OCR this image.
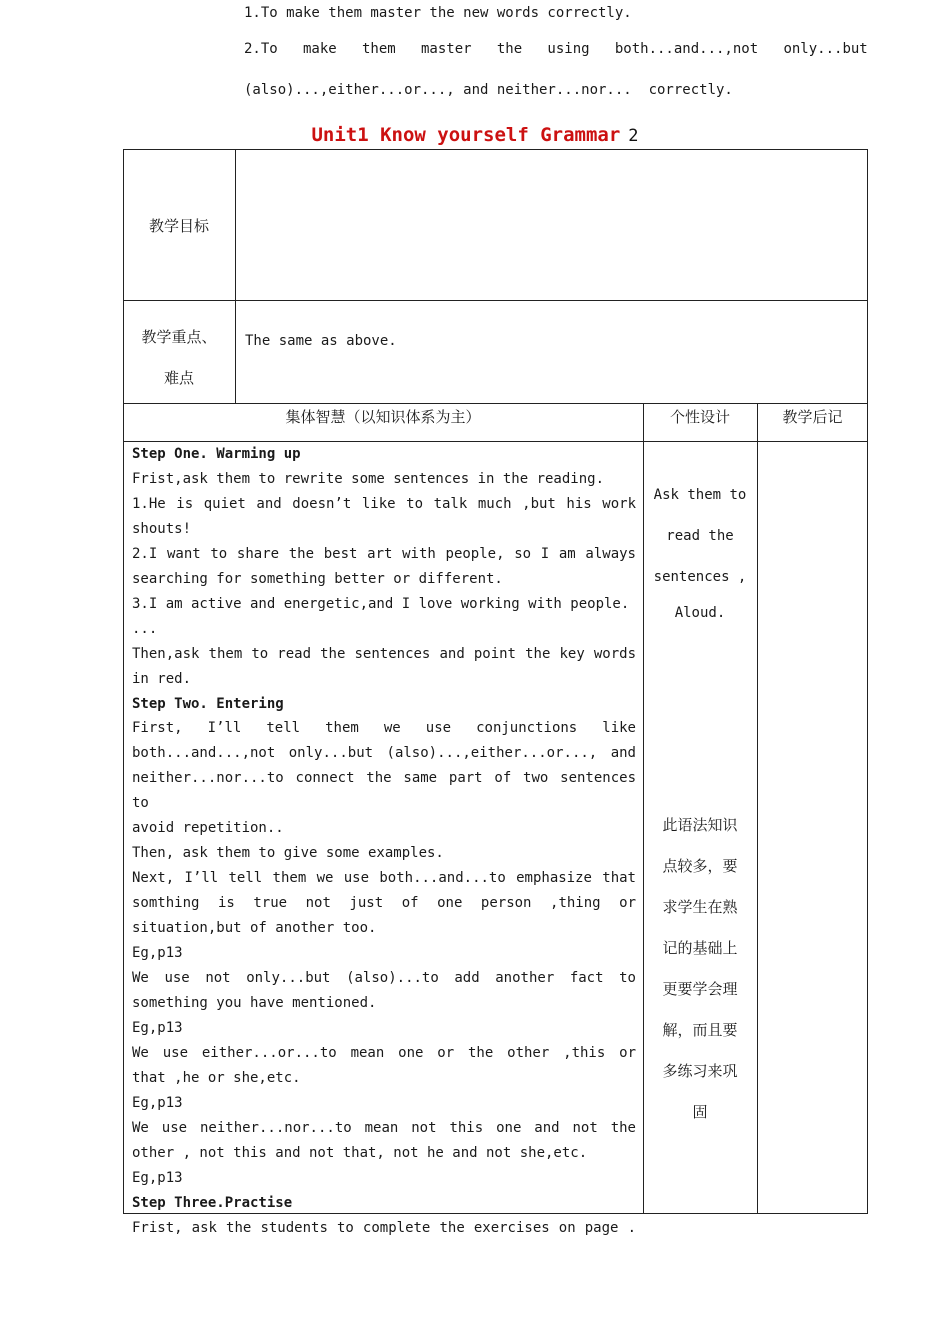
Unit1 Know yourself Grammar 2
教学目标

1.To make them master the new words correctly.

2.To   make   them   master   the   using   both...and...,not   only...but

(also)...,either...or..., and neither...nor...  correctly.

教学重点、
难点
The same as above.
集体智慧（以知识体系为主）	个性设计	教学后记

Step One. Warming up

Frist,ask them to rewrite some sentences in the reading.

1.He is quiet and doesn’t like to talk much ,but his work

shouts!

2.I want to share the best art with people, so I am always

searching for something better or different.

3.I am active and energetic,and I love working with people.

...

Then,ask them to read the sentences and point the key words

in red.

Step Two. Entering

First, I’ll tell them we use conjunctions like

both...and...,not only...but (also)...,either...or..., and

neither...nor...to connect the same part of two sentences to

avoid repetition..

Then, ask them to give some examples.

Next, I’ll tell them we use both...and...to emphasize that

somthing is true not just of one person ,thing or

situation,but of another too.

Eg,p13

We use not only...but (also)...to add another fact to

something you have mentioned.

Eg,p13

We use either...or...to mean one or the other ,this or

that ,he or she,etc.

Eg,p13

We use neither...nor...to mean not this one and not the

other , not this and not that, not he and not she,etc.

Eg,p13

Step Three.Practise

Frist, ask the students to complete the exercises on page .

Ask them to
read the
sentences ,
Aloud.
此语法知识
点较多，要
求学生在熟
记的基础上
更要学会理
解，而且要
多练习来巩
固
